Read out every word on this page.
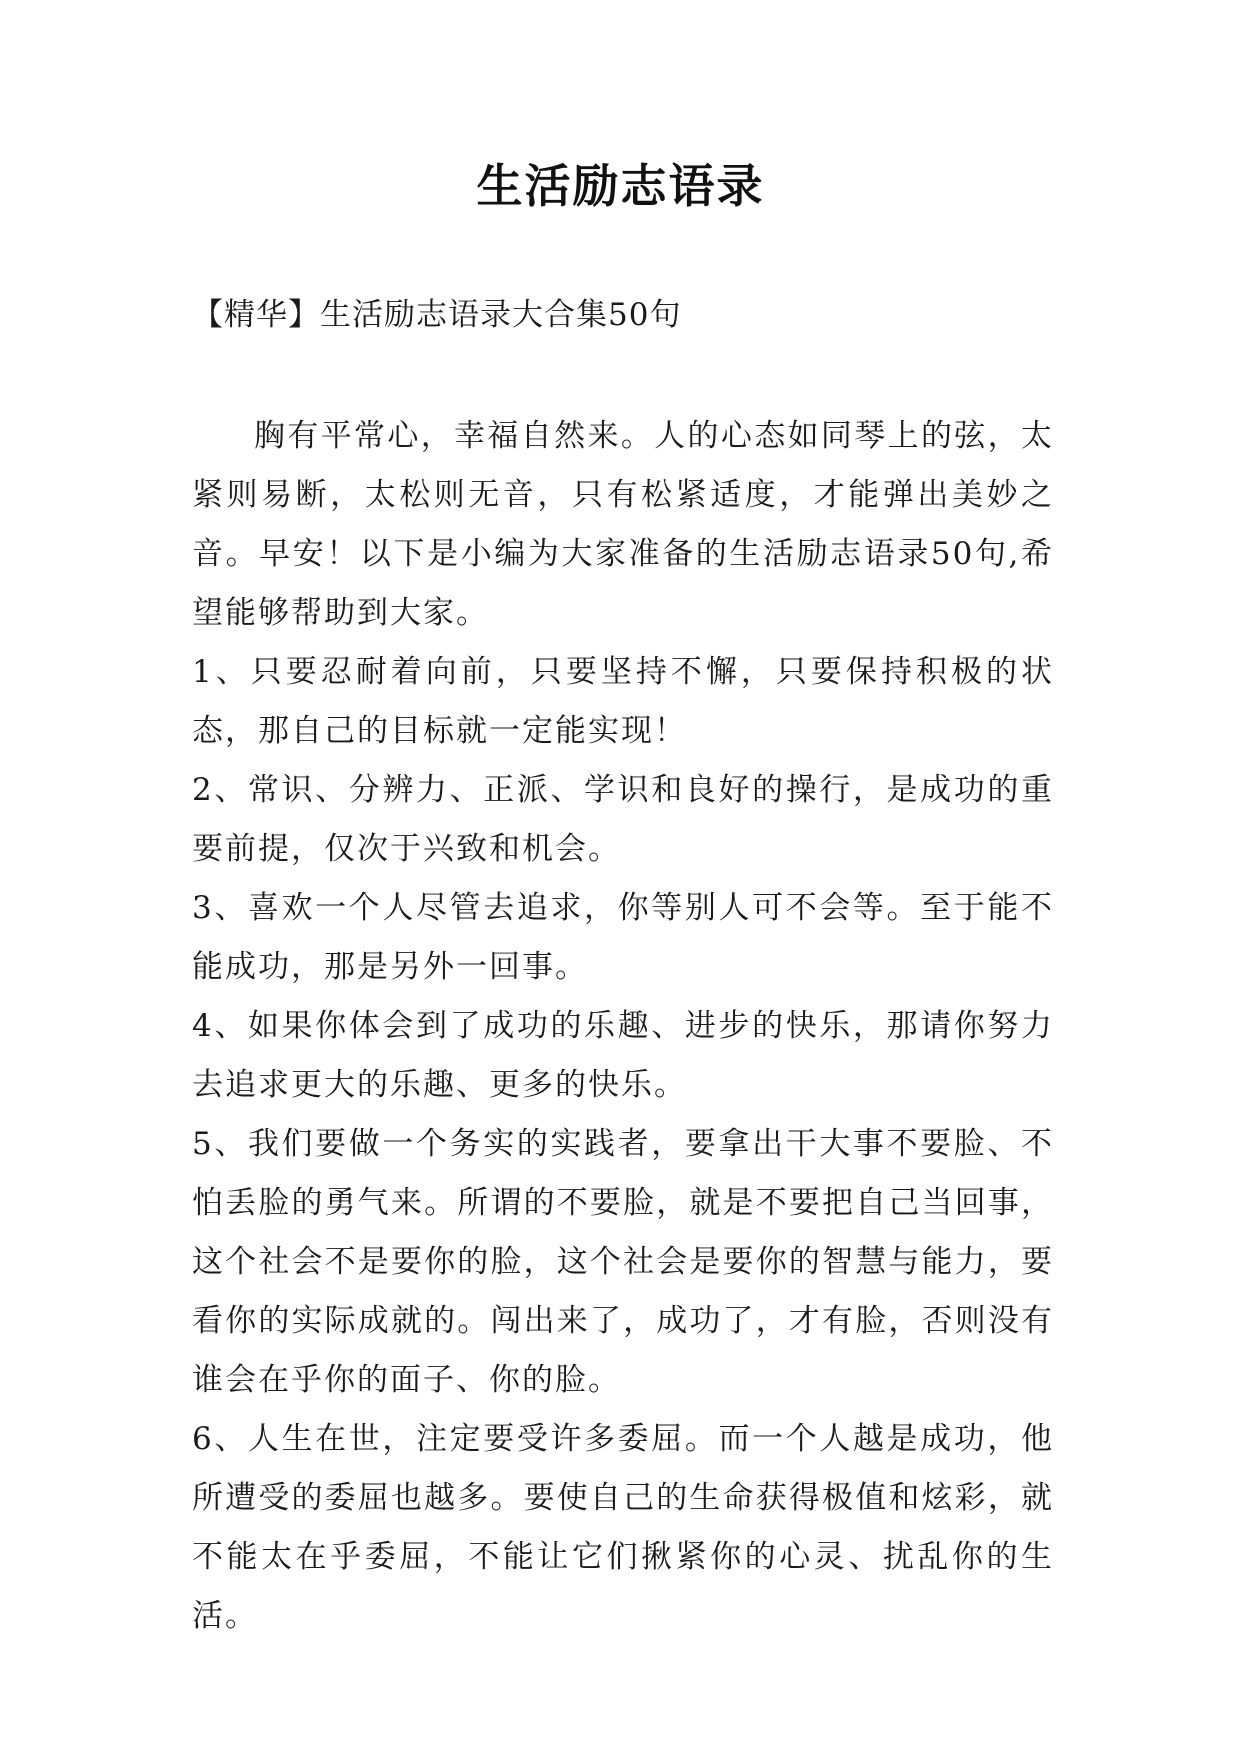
生活励志语录

【精华】生活励志语录大合集50句

胸有平常心，幸福自然来。人的心态如同琴上的弦，太紧则易断，太松则无音，只有松紧适度，才能弹出美妙之音。早安！以下是小编为大家准备的生活励志语录50句,希望能够帮助到大家。

1、只要忍耐着向前，只要坚持不懈，只要保持积极的状态，那自己的目标就一定能实现！

2、常识、分辨力、正派、学识和良好的操行，是成功的重要前提，仅次于兴致和机会。

3、喜欢一个人尽管去追求，你等别人可不会等。至于能不能成功，那是另外一回事。

4、如果你体会到了成功的乐趣、进步的快乐，那请你努力去追求更大的乐趣、更多的快乐。

5、我们要做一个务实的实践者，要拿出干大事不要脸、不怕丢脸的勇气来。所谓的不要脸，就是不要把自己当回事，这个社会不是要你的脸，这个社会是要你的智慧与能力，要看你的实际成就的。闯出来了，成功了，才有脸，否则没有谁会在乎你的面子、你的脸。

6、人生在世，注定要受许多委屈。而一个人越是成功，他所遭受的委屈也越多。要使自己的生命获得极值和炫彩，就不能太在乎委屈，不能让它们揪紧你的心灵、扰乱你的生活。
